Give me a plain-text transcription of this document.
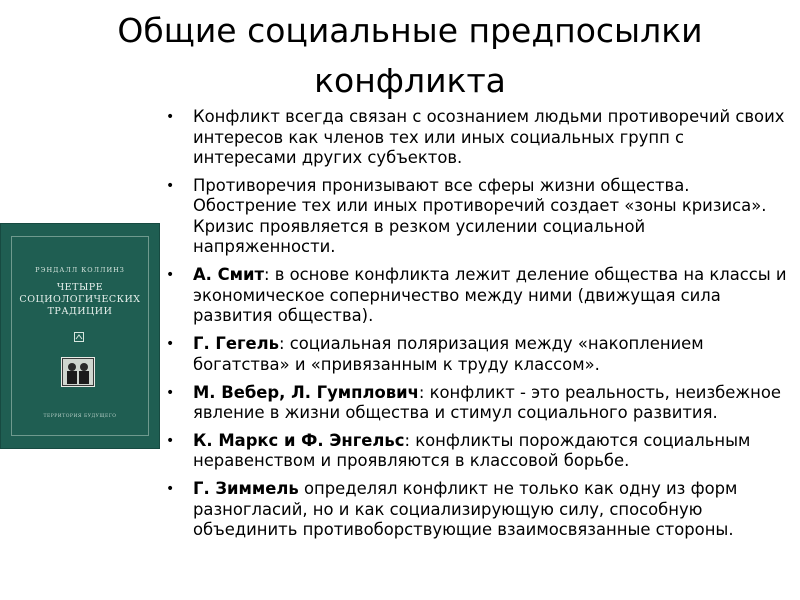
Общие социальные предпосылки конфликта
РЭНДАЛЛ КОЛЛИНЗ
ЧЕТЫРЕ
СОЦИОЛОГИЧЕСКИХ
ТРАДИЦИИ
ТЕРРИТОРИЯ БУДУЩЕГО
• Конфликт всегда связан с осознанием людьми противоречий своих интересов как членов тех или иных социальных групп с интересами других субъектов.
• Противоречия пронизывают все сферы жизни общества. Обострение тех или иных противоречий создает «зоны кризиса». Кризис проявляется в резком усилении социальной напряженности.
• А. Смит: в основе конфликта лежит деление общества на классы и экономическое соперничество между ними (движущая сила развития общества).
• Г. Гегель: социальная поляризация между «накоплением богатства» и «привязанным к труду классом».
• М. Вебер, Л. Гумплович: конфликт - это реальность, неизбежное явление в жизни общества и стимул социального развития.
• К. Маркс и Ф. Энгельс: конфликты порождаются социальным неравенством и проявляются в классовой борьбе.
• Г. Зиммель определял конфликт не только как одну из форм разногласий, но и как социализирующую силу, способную объединить противоборствующие взаимосвязанные стороны.
